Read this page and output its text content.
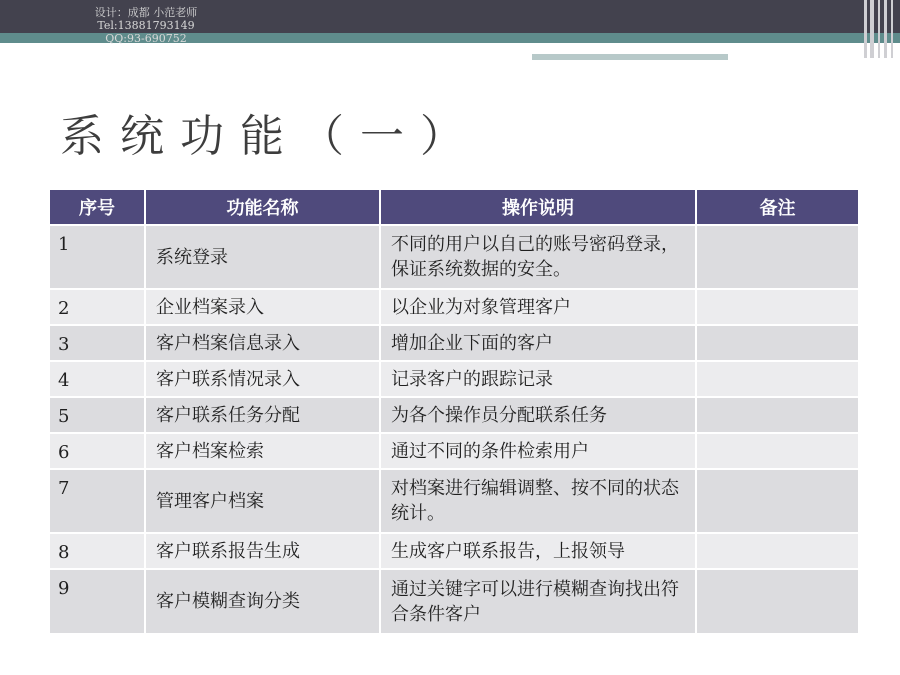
设计：成都 小范老师
Tel:13881793149
QQ:93-690752
系统功能（一）
序号	功能名称	操作说明	备注
1	系统登录	不同的用户以自己的账号密码登录，保证系统数据的安全。	
2	企业档案录入	以企业为对象管理客户	
3	客户档案信息录入	增加企业下面的客户	
4	客户联系情况录入	记录客户的跟踪记录	
5	客户联系任务分配	为各个操作员分配联系任务	
6	客户档案检索	通过不同的条件检索用户	
7	管理客户档案	对档案进行编辑调整、按不同的状态统计。	
8	客户联系报告生成	生成客户联系报告，上报领导	
9	客户模糊查询分类	通过关键字可以进行模糊查询找出符合条件客户	
